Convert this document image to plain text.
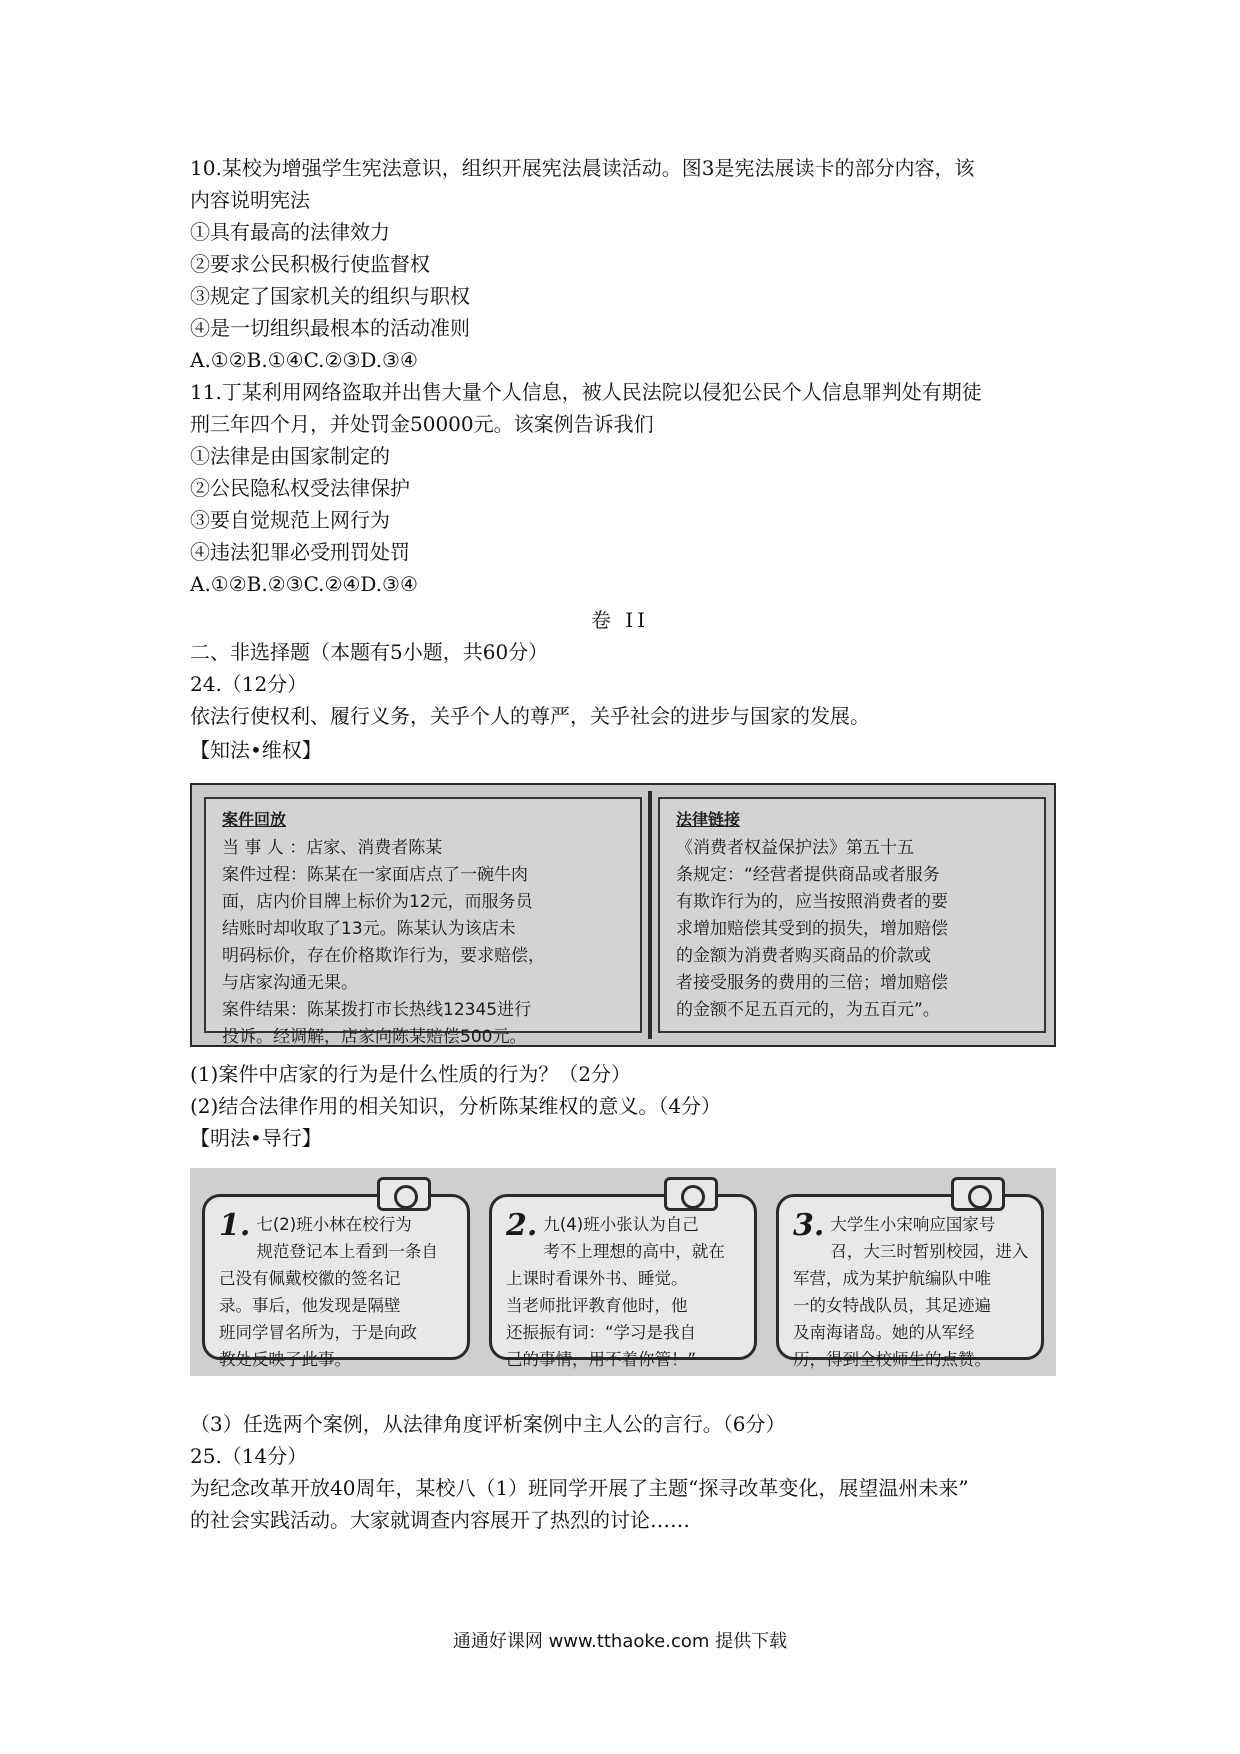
10.某校为增强学生宪法意识，组织开展宪法晨读活动。图3是宪法展读卡的部分内容，该
内容说明宪法
①具有最高的法律效力
②要求公民积极行使监督权
③规定了国家机关的组织与职权
④是一切组织最根本的活动准则
A.①②B.①④C.②③D.③④
11.丁某利用网络盗取并出售大量个人信息，被人民法院以侵犯公民个人信息罪判处有期徒
刑三年四个月，并处罚金50000元。该案例告诉我们
①法律是由国家制定的
②公民隐私权受法律保护
③要自觉规范上网行为
④违法犯罪必受刑罚处罚
A.①②B.②③C.②④D.③④
卷 II
二、非选择题（本题有5小题，共60分）
24.（12分）
依法行使权利、履行义务，关乎个人的尊严，关乎社会的进步与国家的发展。
【知法•维权】
案件回放
当 事 人 ：店家、消费者陈某
案件过程：陈某在一家面店点了一碗牛肉
面，店内价目牌上标价为12元，而服务员
结账时却收取了13元。陈某认为该店未
明码标价，存在价格欺诈行为，要求赔偿，
与店家沟通无果。
案件结果：陈某拨打市长热线12345进行
投诉。经调解，店家向陈某赔偿500元。
法律链接
《消费者权益保护法》第五十五
条规定：“经营者提供商品或者服务
有欺诈行为的，应当按照消费者的要
求增加赔偿其受到的损失，增加赔偿
的金额为消费者购买商品的价款或
者接受服务的费用的三倍；增加赔偿
的金额不足五百元的，为五百元”。
(1)案件中店家的行为是什么性质的行为？（2分）
(2)结合法律作用的相关知识，分析陈某维权的意义。（4分）
【明法•导行】
1. 七(2)班小林在校行为
规范登记本上看到一条自
己没有佩戴校徽的签名记
录。事后，他发现是隔壁
班同学冒名所为，于是向政
教处反映了此事。
2. 九(4)班小张认为自己
考不上理想的高中，就在
上课时看课外书、睡觉。
当老师批评教育他时，他
还振振有词：“学习是我自
己的事情，用不着你管！”
3. 大学生小宋响应国家号
召，大三时暂别校园，进入
军营，成为某护航编队中唯
一的女特战队员，其足迹遍
及南海诸岛。她的从军经
历，得到全校师生的点赞。
（3）任选两个案例，从法律角度评析案例中主人公的言行。（6分）
25.（14分）
为纪念改革开放40周年，某校八（1）班同学开展了主题“探寻改革变化，展望温州未来”
的社会实践活动。大家就调查内容展开了热烈的讨论……
通通好课网 www.tthaoke.com 提供下载
